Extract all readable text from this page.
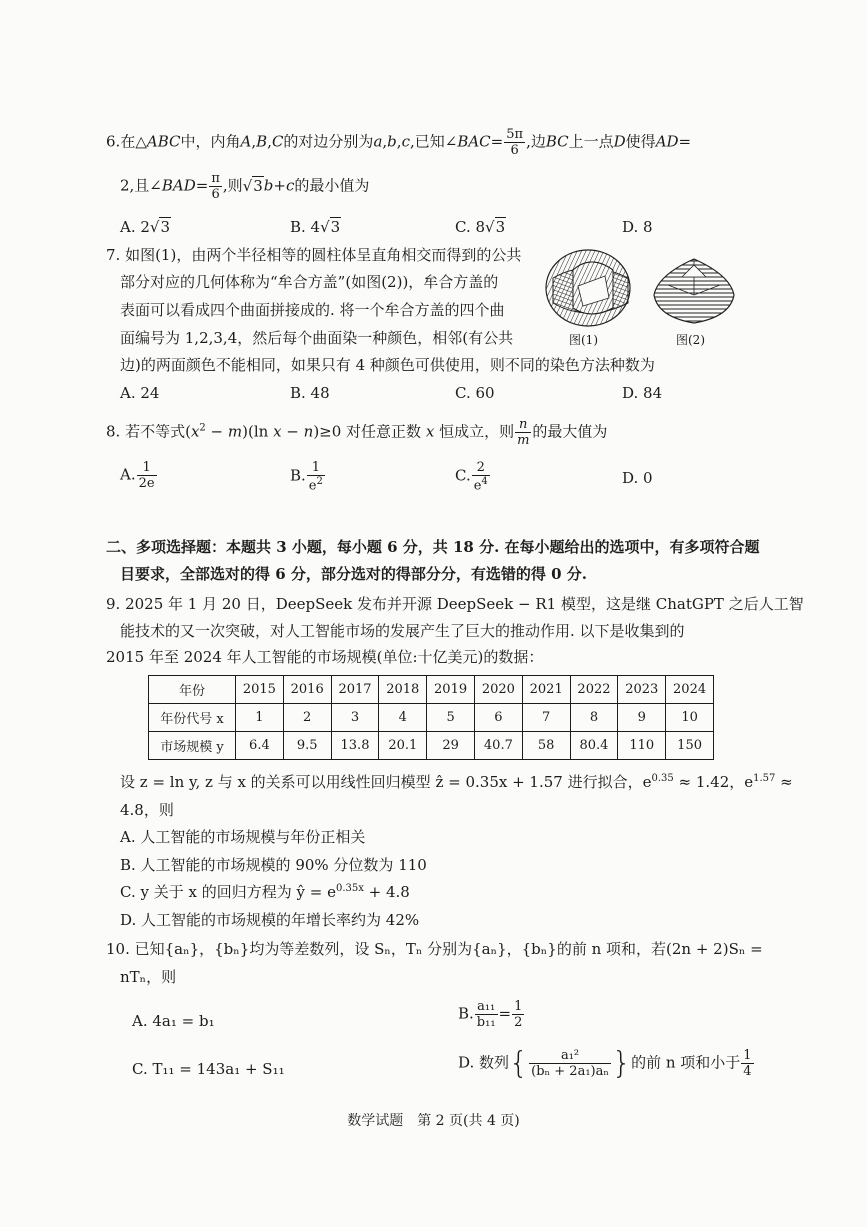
6.在△ABC中，内角A,B,C的对边分别为a,b,c,已知∠BAC= $\frac{5\pi}{6}$ ,边BC上一点D使得AD=
2,且∠BAD= $\frac{\pi}{6}$ ,则√3b+c的最小值为
A. 2√3	B. 4√3	C. 8√3	D. 8
7. 如图(1)，由两个半径相等的圆柱体呈直角相交而得到的公共
部分对应的几何体称为“牟合方盖”(如图(2))，牟合方盖的
表面可以看成四个曲面拼接成的. 将一个牟合方盖的四个曲
面编号为 1,2,3,4，然后每个曲面染一种颜色，相邻(有公共
边)的两面颜色不能相同，如果只有 4 种颜色可供使用，则不同的染色方法种数为
图(1)	图(2)
A. 24	B. 48	C. 60	D. 84
8. 若不等式$(x^2 - m)(\ln$ x − n)≥0 对任意正数 x 恒成立，则 $\frac{n}{m}$ 的最大值为
A. $\frac{1}{2e}$	B. $\frac{1}{e^2}$	C. $\frac{2}{e^4}$	D. 0
二、多项选择题：本题共 3 小题，每小题 6 分，共 18 分. 在每小题给出的选项中，有多项符合题
目要求，全部选对的得 6 分，部分选对的得部分分，有选错的得 0 分.
9. 2025 年 1 月 20 日，DeepSeek 发布并开源 DeepSeek − R1 模型，这是继 ChatGPT 之后人工智
能技术的又一次突破，对人工智能市场的发展产生了巨大的推动作用. 以下是收集到的
2015 年至 2024 年人工智能的市场规模(单位:十亿美元)的数据：
年份	2015	2016	2017	2018	2019	2020	2021	2022	2023	2024
年份代号 x	1	2	3	4	5	6	7	8	9	10
市场规模 y	6.4	9.5	13.8	20.1	29	40.7	58	80.4	110	150
设 z = ln y, z 与 x 的关系可以用线性回归模型 ẑ = 0.35x + 1.57 进行拟合，$e^{0.35} \approx 1.42$，$e^{1.57}$ ≈
4.8，则
A. 人工智能的市场规模与年份正相关
B. 人工智能的市场规模的 90% 分位数为 110
C. y 关于 x 的回归方程为 ŷ = $e^{0.35x} + 4.8$
D. 人工智能的市场规模的年增长率约为 42%
10. 已知{aₙ}，{bₙ}均为等差数列，设 Sₙ，Tₙ 分别为{aₙ}，{bₙ}的前 n 项和，若(2n + 2)Sₙ =
nTₙ，则
A. 4a₁ = b₁	B. $\frac{\text{a₁₁}}{\text{b₁₁}} = \frac{1}{2}$
C. T₁₁ = 143a₁ + S₁₁	D. 数列{ $\frac{\text{a₁²}}{\text{(bₙ + 2a₁)aₙ}}$ }的前 n 项和小于 $\frac{1}{4}$
数学试题　第 2 页(共 4 页)
